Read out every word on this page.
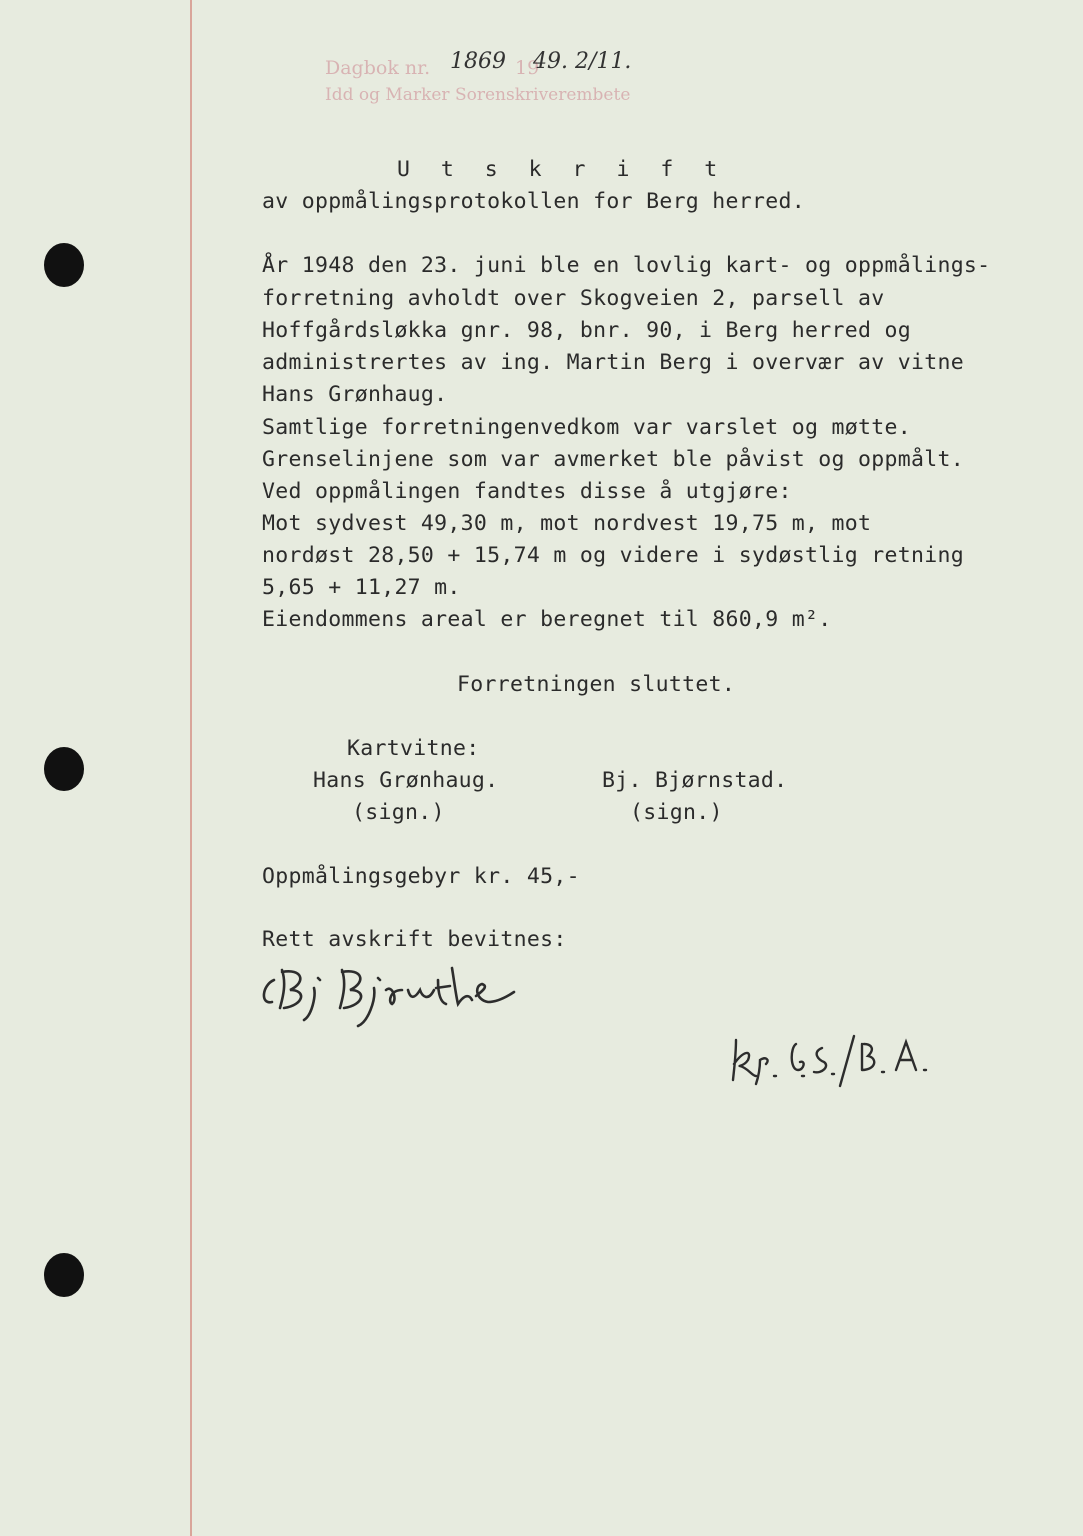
Dagbok nr. 1869 19
49. 2/11.
Idd og Marker Sorenskriverembete
U t s k r i f t
av oppmålingsprotokollen for Berg herred.
År 1948 den 23. juni ble en lovlig kart- og oppmålings-
forretning avholdt over Skogveien 2, parsell av
Hoffgårdsløkka gnr. 98, bnr. 90, i Berg herred og
administrertes av ing. Martin Berg i overvær av vitne
Hans Grønhaug.
Samtlige forretningenvedkom var varslet og møtte.
Grenselinjene som var avmerket ble påvist og oppmålt.
Ved oppmålingen fandtes disse å utgjøre:
Mot sydvest 49,30 m, mot nordvest 19,75 m, mot
nordøst 28,50 + 15,74 m og videre i sydøstlig retning
5,65 + 11,27 m.
Eiendommens areal er beregnet til 860,9 m².
Forretningen sluttet.
Kartvitne:
Hans Grønhaug.
(sign.)
Bj. Bjørnstad.
(sign.)
Oppmålingsgebyr kr. 45,-
Rett avskrift bevitnes:
